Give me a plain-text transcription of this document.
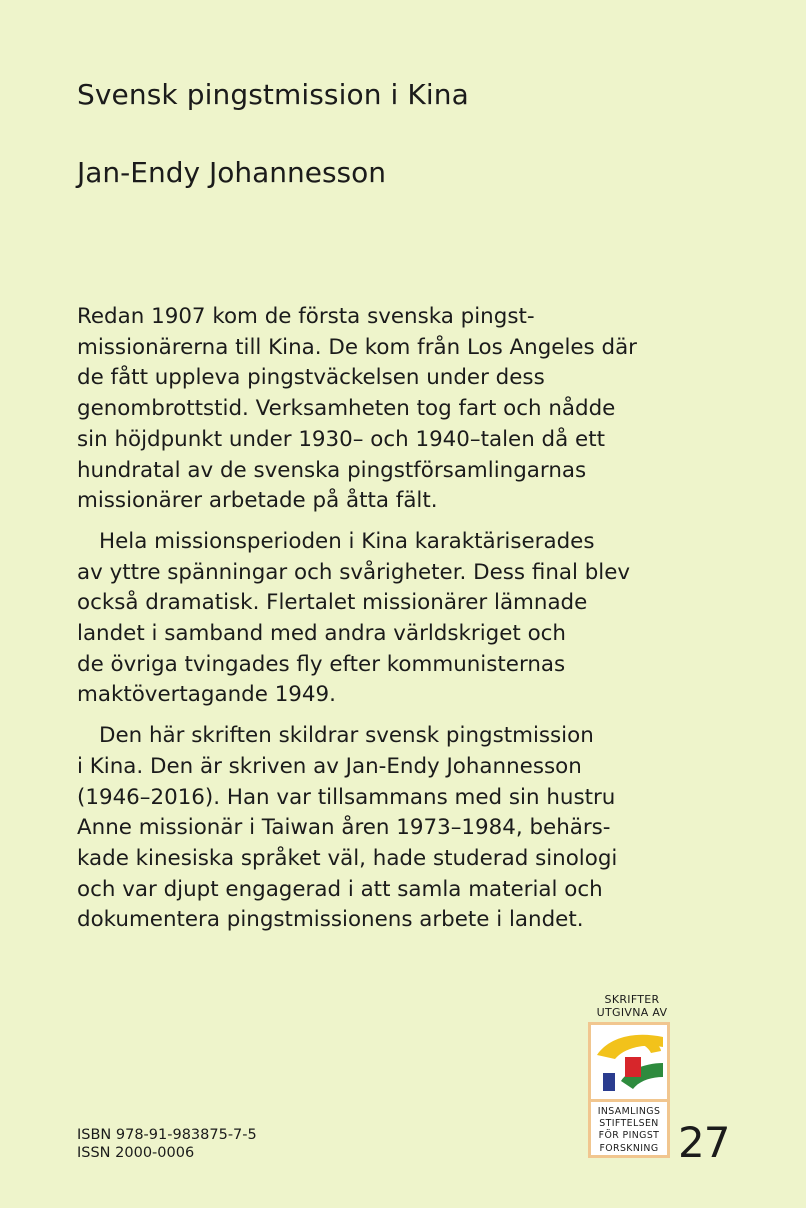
Svensk pingstmission i Kina
Jan-Endy Johannesson

Redan 1907 kom de första svenska pingst-
missionärerna till Kina. De kom från Los Angeles där
de fått uppleva pingstväckelsen under dess
genombrottstid. Verksamheten tog fart och nådde
sin höjdpunkt under 1930– och 1940–talen då ett
hundratal av de svenska pingstförsamlingarnas
missionärer arbetade på åtta fält.

Hela missionsperioden i Kina karaktäriserades
av yttre spänningar och svårigheter. Dess final blev
också dramatisk. Flertalet missionärer lämnade
landet i samband med andra världskriget och
de övriga tvingades fly efter kommunisternas
maktövertagande 1949.

Den här skriften skildrar svensk pingstmission
i Kina. Den är skriven av Jan-Endy Johannesson
(1946–2016). Han var tillsammans med sin hustru
Anne missionär i Taiwan åren 1973–1984, behärs-
kade kinesiska språket väl, hade studerad sinologi
och var djupt engagerad i att samla material och
dokumentera pingstmissionens arbete i landet.

ISBN 978-91-983875-7-5
ISSN 2000-0006
SKRIFTER
UTGIVNA AV
INSAMLINGS
STIFTELSEN
FÖR PINGST
FORSKNING 27
